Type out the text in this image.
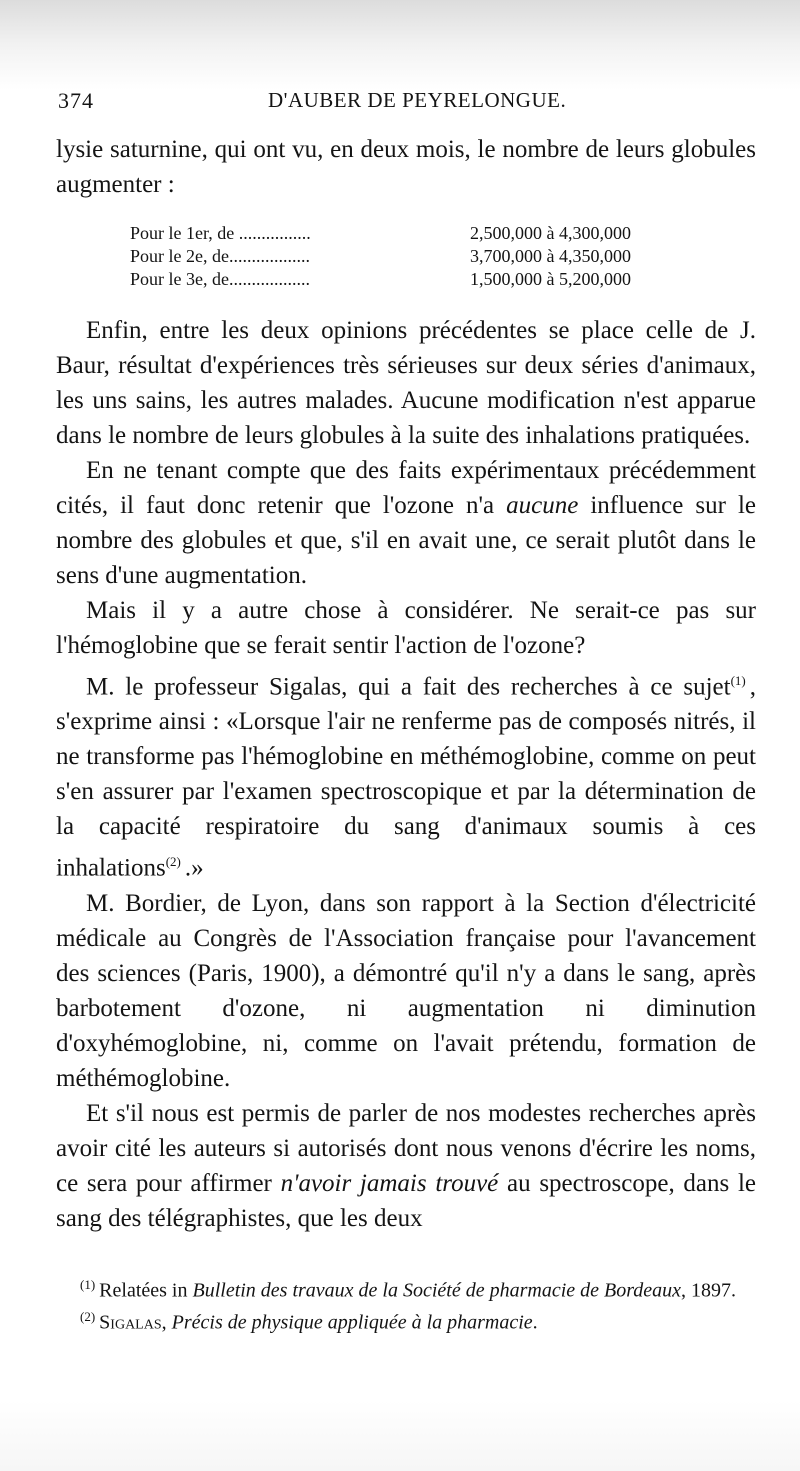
374	D'AUBER DE PEYRELONGUE.

lysie saturnine, qui ont vu, en deux mois, le nombre de leurs globules augmenter :

Pour le 1er, de ................	2,500,000 à 4,300,000
Pour le 2e, de..................	3,700,000 à 4,350,000
Pour le 3e, de..................	1,500,000 à 5,200,000

Enfin, entre les deux opinions précédentes se place celle de J. Baur, résultat d'expériences très sérieuses sur deux séries d'animaux, les uns sains, les autres malades. Aucune modification n'est apparue dans le nombre de leurs globules à la suite des inhalations pratiquées.

En ne tenant compte que des faits expérimentaux précédemment cités, il faut donc retenir que l'ozone n'a aucune influence sur le nombre des globules et que, s'il en avait une, ce serait plutôt dans le sens d'une augmentation.

Mais il y a autre chose à considérer. Ne serait-ce pas sur l'hémoglobine que se ferait sentir l'action de l'ozone?

M. le professeur Sigalas, qui a fait des recherches à ce sujet$^{(1)}$ , s'exprime ainsi : «Lorsque l'air ne renferme pas de composés nitrés, il ne transforme pas l'hémoglobine en méthémoglobine, comme on peut s'en assurer par l'examen spectroscopique et par la détermination de la capacité respiratoire du sang d'animaux soumis à ces inhalations$^{(2)}$ .»

M. Bordier, de Lyon, dans son rapport à la Section d'électricité médicale au Congrès de l'Association française pour l'avancement des sciences (Paris, 1900), a démontré qu'il n'y a dans le sang, après barbotement d'ozone, ni augmentation ni diminution d'oxyhémoglobine, ni, comme on l'avait prétendu, formation de méthémoglobine.

Et s'il nous est permis de parler de nos modestes recherches après avoir cité les auteurs si autorisés dont nous venons d'écrire les noms, ce sera pour affirmer n'avoir jamais trouvé au spectroscope, dans le sang des télégraphistes, que les deux

$^{(1)}$ Relatées in Bulletin des travaux de la Société de pharmacie de Bordeaux, 1897.

$^{(2)}$ Sigalas, Précis de physique appliquée à la pharmacie.
